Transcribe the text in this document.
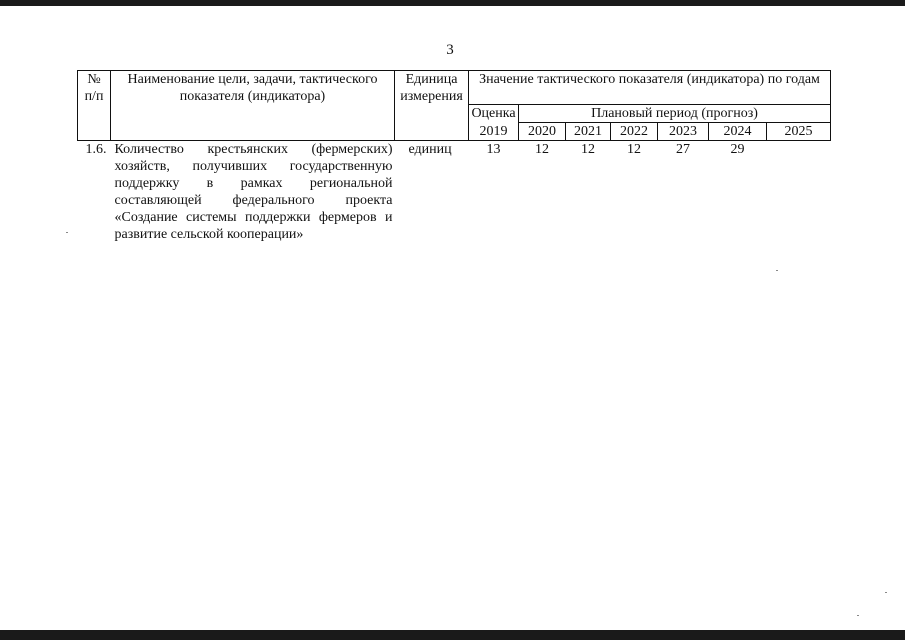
3
№ п/п	Наименование цели, задачи, тактического показателя (индикатора)	Единица измерения	Значение тактического показателя (индикатора) по годам						
			Оценка	Плановый период (прогноз)					
			2019	2020	2021	2022	2023	2024	2025
1.6.	Количество крестьянских (фермерских) хозяйств, получивших государственную поддержку в рамках региональной составляющей федерального проекта «Создание системы поддержки фермеров и развитие сельской кооперации»	единиц	13	12	12	12	27	29	
